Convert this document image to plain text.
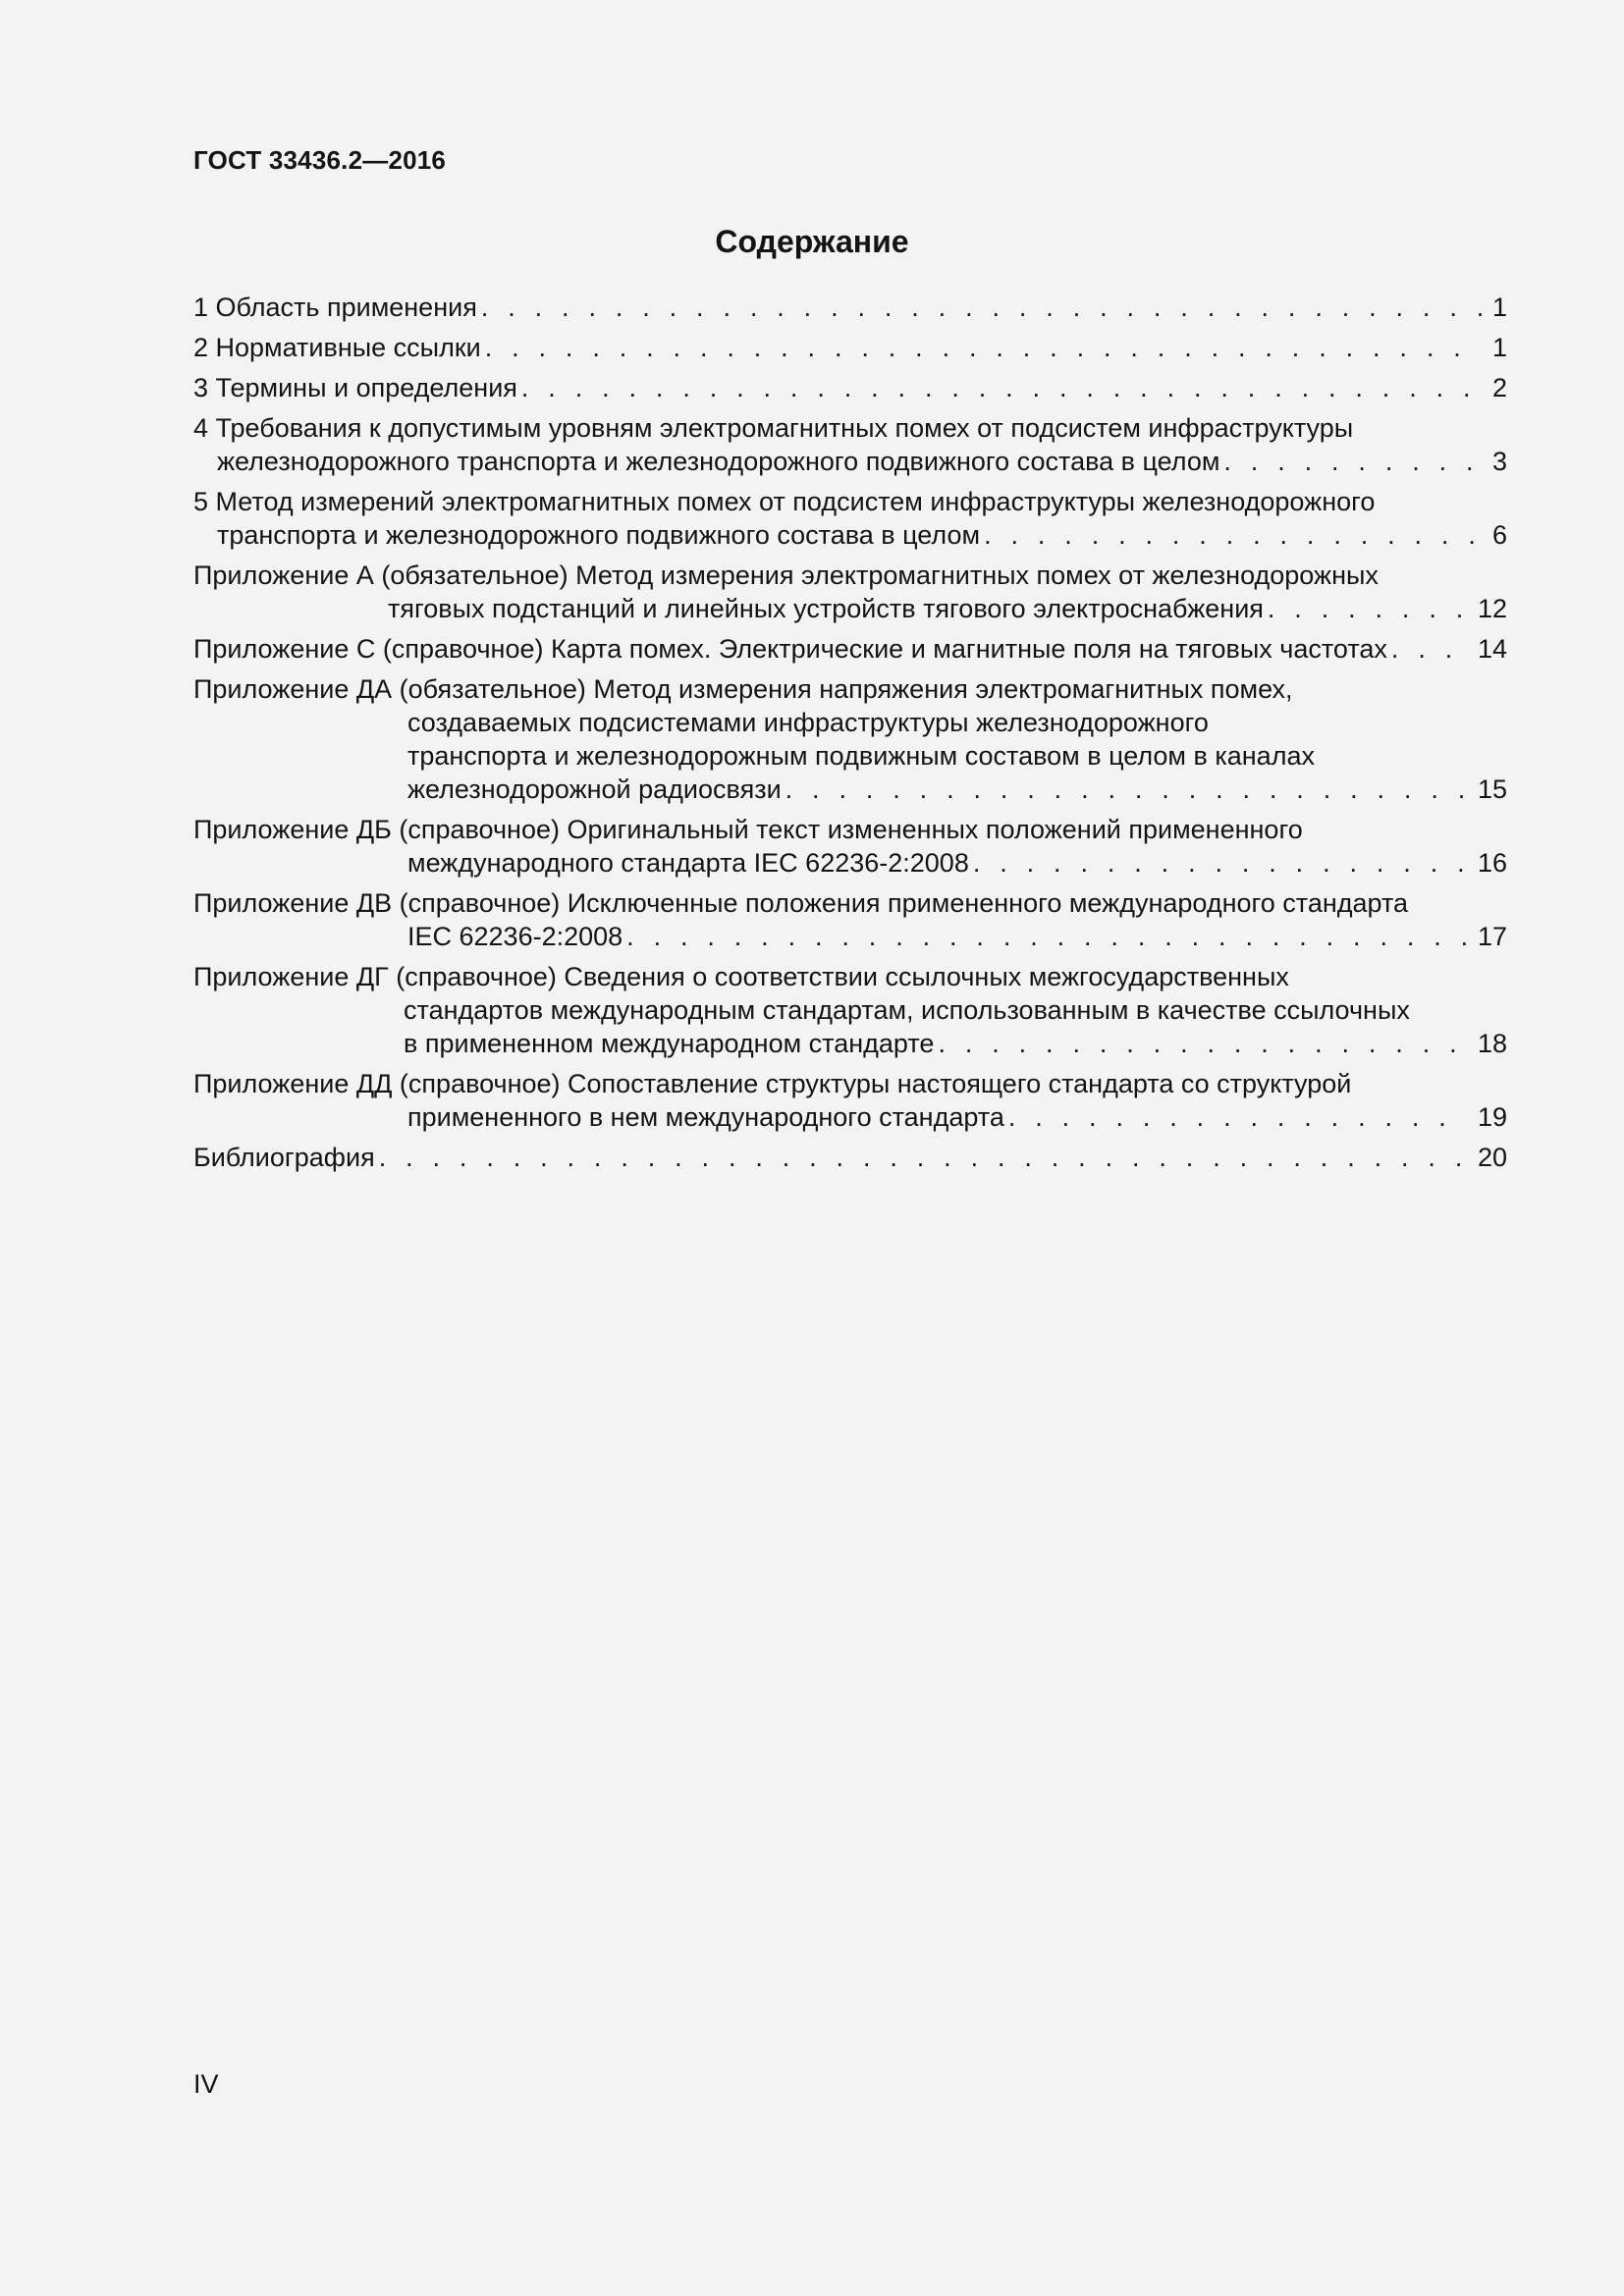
ГОСТ 33436.2—2016
Содержание
1 Область применения . . .	1
2 Нормативные ссылки . . .	1
3 Термины и определения . . .	2
4 Требования к допустимым уровням электромагнитных помех от подсистем инфраструктуры
железнодорожного транспорта и железнодорожного подвижного состава в целом . . .	3
5 Метод измерений электромагнитных помех от подсистем инфраструктуры железнодорожного
транспорта и железнодорожного подвижного состава в целом . . .	6
Приложение А (обязательное) Метод измерения электромагнитных помех от железнодорожных
тяговых подстанций и линейных устройств тягового электроснабжения . . .	12
Приложение С (справочное) Карта помех. Электрические и магнитные поля на тяговых частотах . . .	14
Приложение ДА (обязательное) Метод измерения напряжения электромагнитных помех,
создаваемых подсистемами инфраструктуры железнодорожного
транспорта и железнодорожным подвижным составом в целом в каналах
железнодорожной радиосвязи . . .	15
Приложение ДБ (справочное) Оригинальный текст измененных положений примененного
международного стандарта IEC 62236-2:2008 . . .	16
Приложение ДВ (справочное) Исключенные положения примененного международного стандарта
IEC 62236-2:2008 . . .	17
Приложение ДГ (справочное) Сведения о соответствии ссылочных межгосударственных
стандартов международным стандартам, использованным в качестве ссылочных
в примененном международном стандарте . . .	18
Приложение ДД (справочное) Сопоставление структуры настоящего стандарта со структурой
примененного в нем международного стандарта . . .	19
Библиография . . .	20
IV
